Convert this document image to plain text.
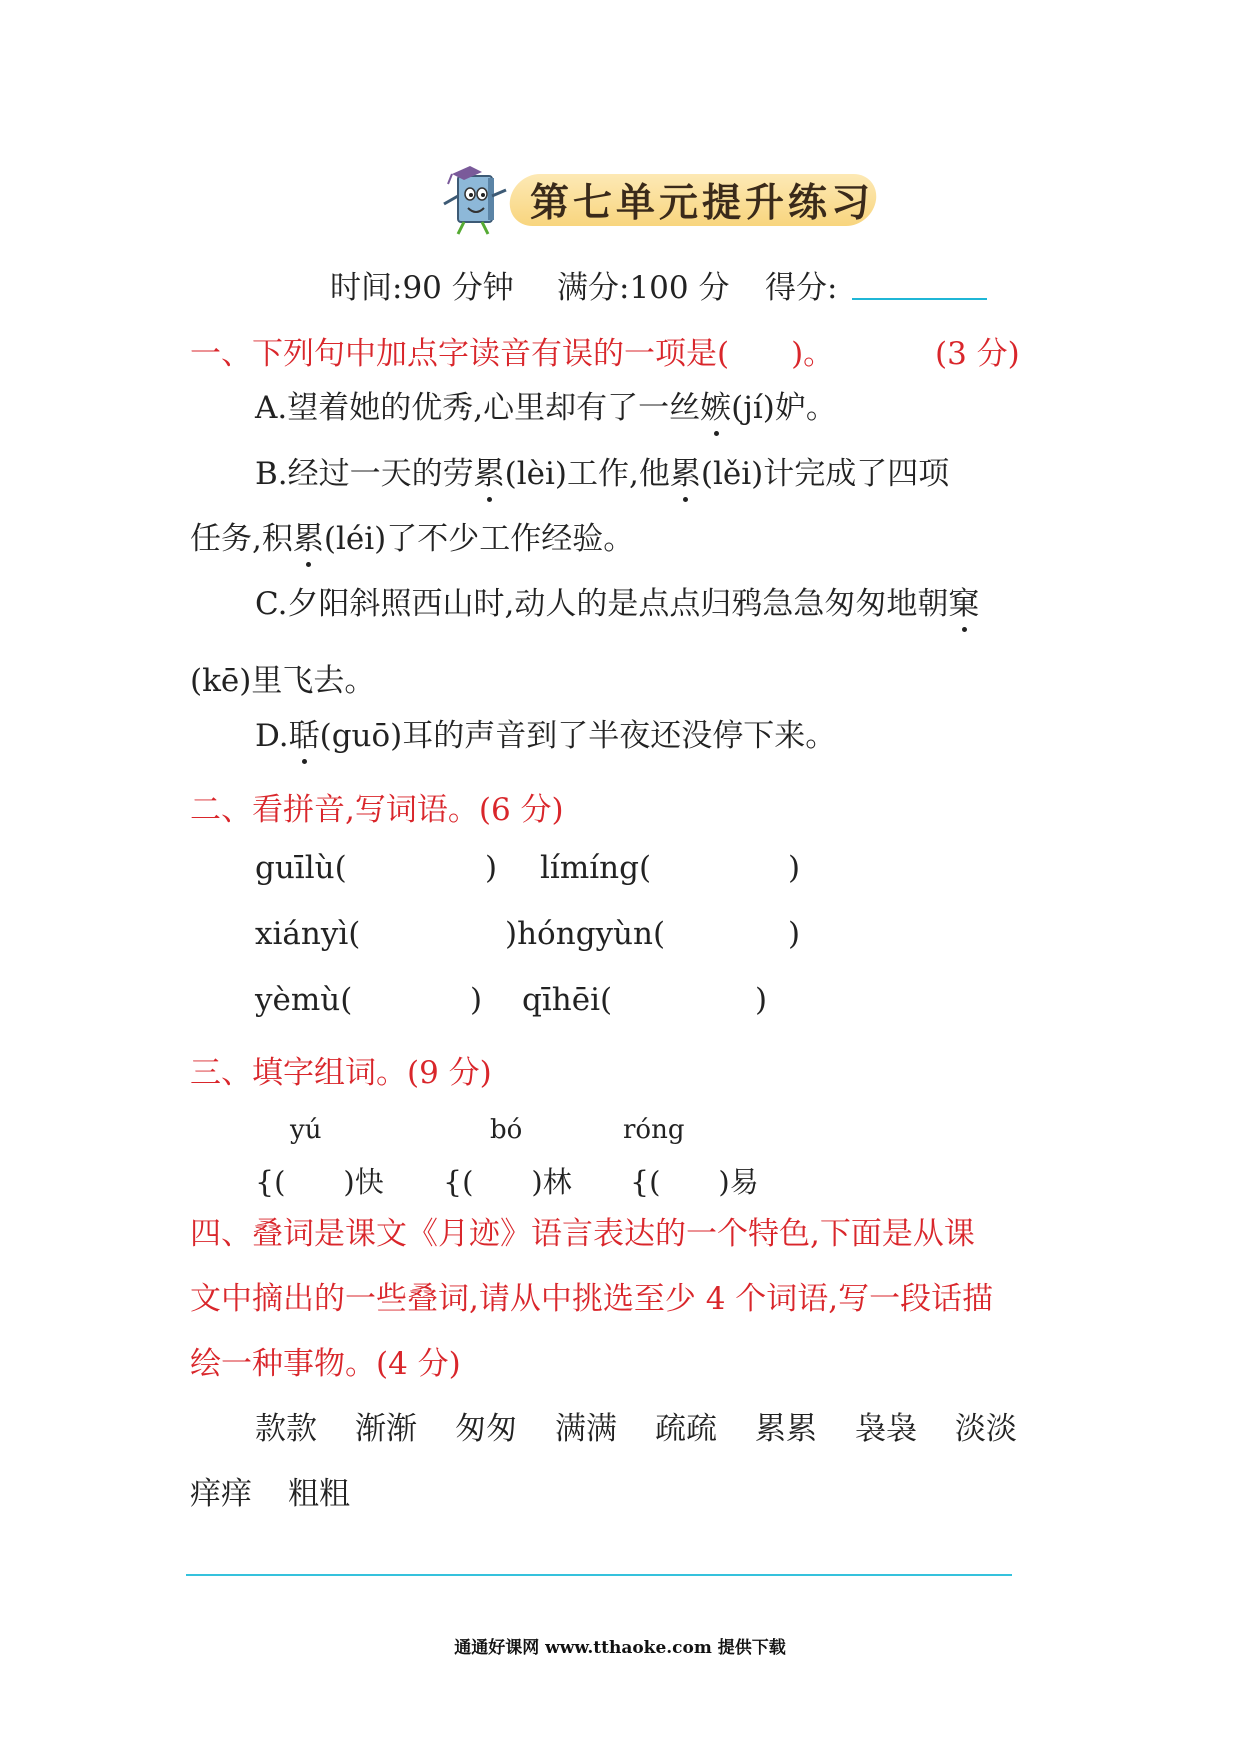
第七单元提升练习
时间:90 分钟 满分:100 分 得分:
一、下列句中加点字读音有误的一项是(　　)。	(3 分)
A.望着她的优秀,心里却有了一丝嫉(jí)妒。
B.经过一天的劳累(lèi)工作,他累(lěi)计完成了四项
任务,积累(léi)了不少工作经验。
C.夕阳斜照西山时,动人的是点点归鸦急急匆匆地朝窠
(kē)里飞去。
D.聒(guō)耳的声音到了半夜还没停下来。
二、看拼音,写词语。(6 分)
guīlù(	) límíng(	)
xiányì(	)hóngyùn(	)
yèmù(	) qīhēi(	)
三、填字组词。(9 分)
yú	bó	róng
{(　　)快 {(　　)林 {(　　)易
四、叠词是课文《月迹》语言表达的一个特色,下面是从课
文中摘出的一些叠词,请从中挑选至少 4 个词语,写一段话描
绘一种事物。(4 分)
款款 渐渐 匆匆 满满 疏疏 累累 袅袅 淡淡
痒痒 粗粗
通通好课网 www.tthaoke.com 提供下载
